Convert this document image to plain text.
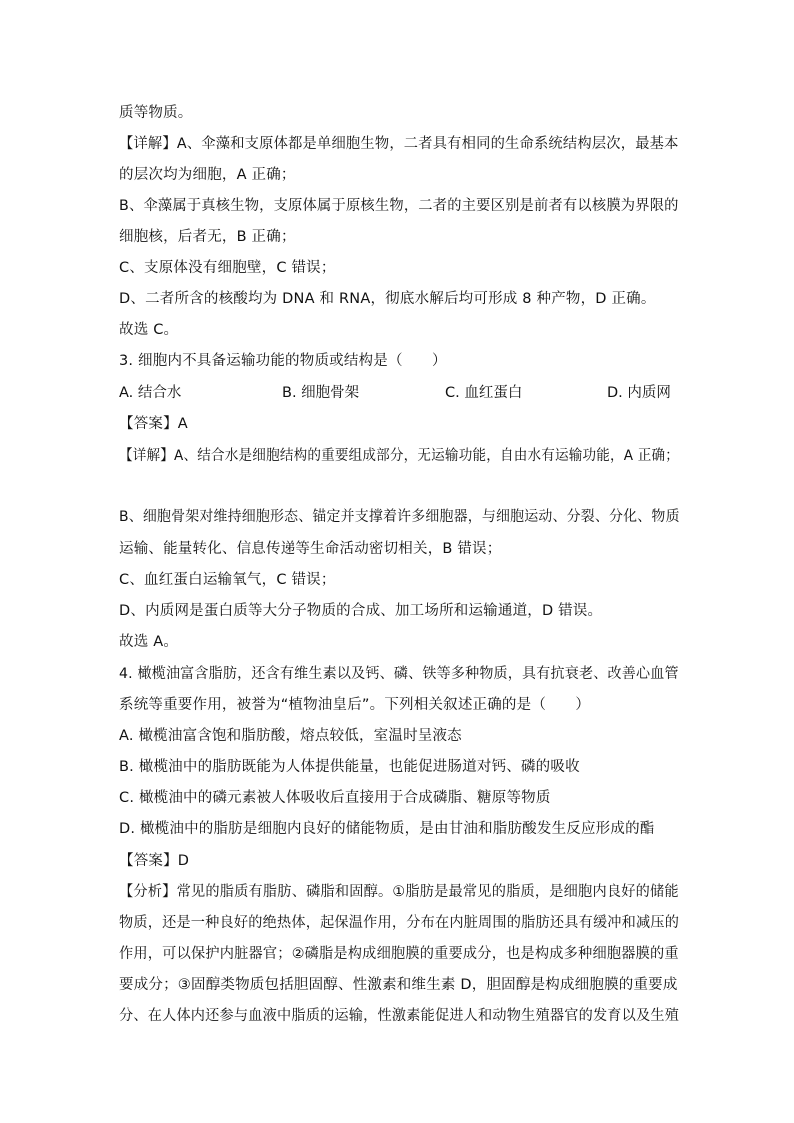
质等物质。
【详解】A、伞藻和支原体都是单细胞生物，二者具有相同的生命系统结构层次，最基本
的层次均为细胞，A 正确；
B、伞藻属于真核生物，支原体属于原核生物，二者的主要区别是前者有以核膜为界限的
细胞核，后者无，B 正确；
C、支原体没有细胞壁，C 错误；
D、二者所含的核酸均为 DNA 和 RNA，彻底水解后均可形成 8 种产物，D 正确。
故选 C。
3. 细胞内不具备运输功能的物质或结构是（　　）
A. 结合水	B. 细胞骨架	C. 血红蛋白	D. 内质网
【答案】A
【详解】A、结合水是细胞结构的重要组成部分，无运输功能，自由水有运输功能，A 正确；
B、细胞骨架对维持细胞形态、锚定并支撑着许多细胞器，与细胞运动、分裂、分化、物质
运输、能量转化、信息传递等生命活动密切相关，B 错误；
C、血红蛋白运输氧气，C 错误；
D、内质网是蛋白质等大分子物质的合成、加工场所和运输通道，D 错误。
故选 A。
4. 橄榄油富含脂肪，还含有维生素以及钙、磷、铁等多种物质，具有抗衰老、改善心血管
系统等重要作用，被誉为“植物油皇后”。下列相关叙述正确的是（　　）
A. 橄榄油富含饱和脂肪酸，熔点较低，室温时呈液态
B. 橄榄油中的脂肪既能为人体提供能量，也能促进肠道对钙、磷的吸收
C. 橄榄油中的磷元素被人体吸收后直接用于合成磷脂、糖原等物质
D. 橄榄油中的脂肪是细胞内良好的储能物质，是由甘油和脂肪酸发生反应形成的酯
【答案】D
【分析】常见的脂质有脂肪、磷脂和固醇。①脂肪是最常见的脂质，是细胞内良好的储能
物质，还是一种良好的绝热体，起保温作用，分布在内脏周围的脂肪还具有缓冲和减压的
作用，可以保护内脏器官；②磷脂是构成细胞膜的重要成分，也是构成多种细胞器膜的重
要成分；③固醇类物质包括胆固醇、性激素和维生素 D，胆固醇是构成细胞膜的重要成
分、在人体内还参与血液中脂质的运输，性激素能促进人和动物生殖器官的发育以及生殖
